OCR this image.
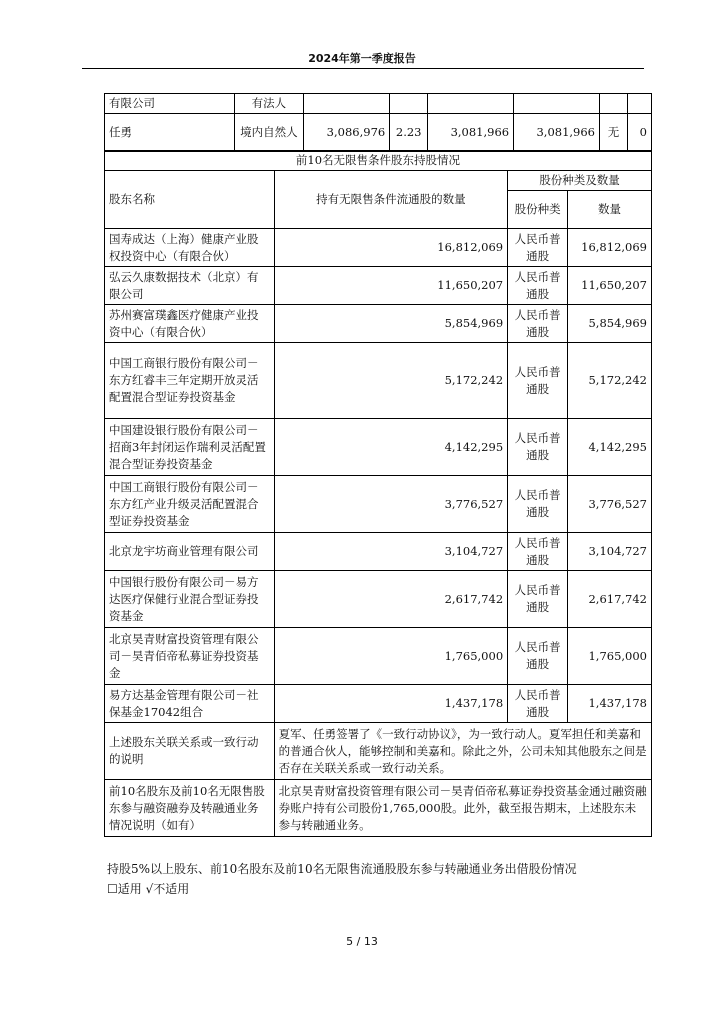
2024年第一季度报告
有限公司	有法人						
任勇	境内自然人	3,086,976	2.23	3,081,966	3,081,966	无	0
前10名无限售条件股东持股情况			
股东名称	持有无限售条件流通股的数量	股份种类及数量	
		股份种类	数量
国寿成达（上海）健康产业股权投资中心（有限合伙）	16,812,069	人民币普通股	16,812,069
弘云久康数据技术（北京）有限公司	11,650,207	人民币普通股	11,650,207
苏州赛富璞鑫医疗健康产业投资中心（有限合伙）	5,854,969	人民币普通股	5,854,969
中国工商银行股份有限公司－东方红睿丰三年定期开放灵活配置混合型证券投资基金	5,172,242	人民币普通股	5,172,242
中国建设银行股份有限公司－招商3年封闭运作瑞利灵活配置混合型证券投资基金	4,142,295	人民币普通股	4,142,295
中国工商银行股份有限公司－东方红产业升级灵活配置混合型证券投资基金	3,776,527	人民币普通股	3,776,527
北京龙宇坊商业管理有限公司	3,104,727	人民币普通股	3,104,727
中国银行股份有限公司－易方达医疗保健行业混合型证券投资基金	2,617,742	人民币普通股	2,617,742
北京昊青财富投资管理有限公司－昊青佰帝私募证券投资基金	1,765,000	人民币普通股	1,765,000
易方达基金管理有限公司－社保基金17042组合	1,437,178	人民币普通股	1,437,178
上述股东关联关系或一致行动的说明	夏军、任勇签署了《一致行动协议》，为一致行动人。夏军担任和美嘉和的普通合伙人，能够控制和美嘉和。除此之外，公司未知其他股东之间是否存在关联关系或一致行动关系。		
前10名股东及前10名无限售股东参与融资融券及转融通业务情况说明（如有）	北京昊青财富投资管理有限公司－昊青佰帝私募证券投资基金通过融资融券账户持有公司股份1,765,000股。此外，截至报告期末，上述股东未参与转融通业务。		
持股5%以上股东、前10名股东及前10名无限售流通股股东参与转融通业务出借股份情况
☐适用 √不适用
5 / 13
